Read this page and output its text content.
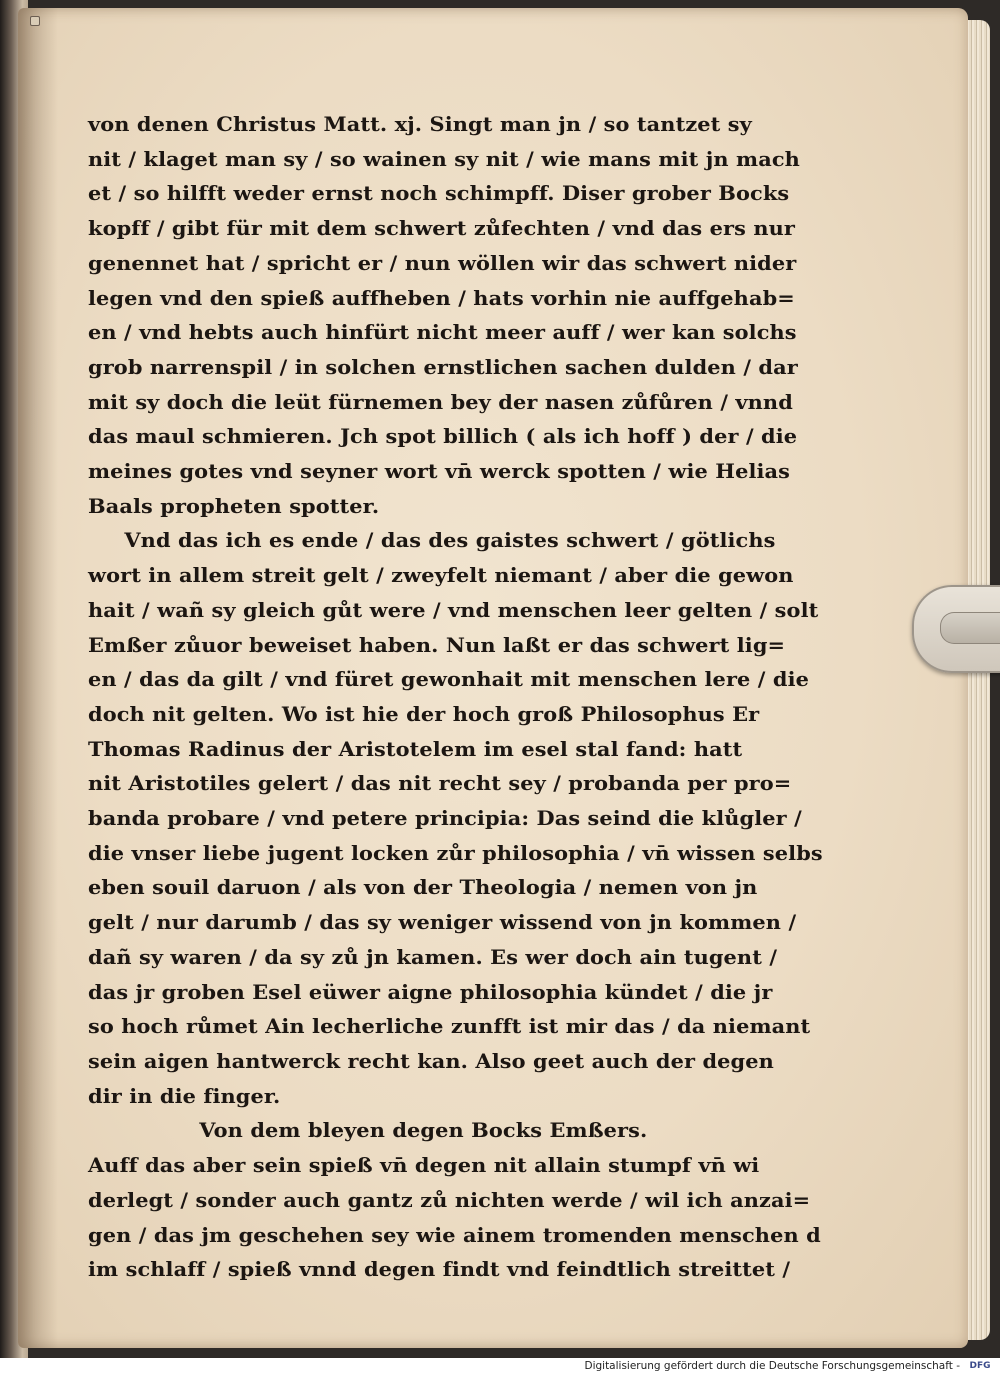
von denen Christus Matt. xj. Singt man jn / so tantzet sy
nit / klaget man sy / so wainen sy nit / wie mans mit jn mach
et / so hilfft weder ernst noch schimpff. Diser grober Bocks
kopff / gibt für mit dem schwert zůfechten / vnd das ers nur
genennet hat / spricht er / nun wöllen wir das schwert nider
legen vnd den spieß auffheben / hats vorhin nie auffgehab=
en / vnd hebts auch hinfürt nicht meer auff / wer kan solchs
grob narrenspil / in solchen ernstlichen sachen dulden / dar
mit sy doch die leüt fürnemen bey der nasen zůfůren / vnnd
das maul schmieren. Jch spot billich ( als ich hoff ) der / die
meines gotes vnd seyner wort vn̄ werck spotten / wie Helias
Baals propheten spotter.
Vnd das ich es ende / das des gaistes schwert / götlichs
wort in allem streit gelt / zweyfelt niemant / aber die gewon
hait / wañ sy gleich gůt were / vnd menschen leer gelten / solt
Emßer zůuor beweiset haben. Nun laßt er das schwert lig=
en / das da gilt / vnd füret gewonhait mit menschen lere / die
doch nit gelten. Wo ist hie der hoch groß Philosophus Er
Thomas Radinus der Aristotelem im esel stal fand: hatt
nit Aristotiles gelert / das nit recht sey / probanda per pro=
banda probare / vnd petere principia: Das seind die klůgler /
die vnser liebe jugent locken zůr philosophia / vn̄ wissen selbs
eben souil daruon / als von der Theologia / nemen von jn
gelt / nur darumb / das sy weniger wissend von jn kommen /
dañ sy waren / da sy zů jn kamen. Es wer doch ain tugent /
das jr groben Esel eüwer aigne philosophia kündet / die jr
so hoch růmet Ain lecherliche zunfft ist mir das / da niemant
sein aigen hantwerck recht kan. Also geet auch der degen
dir in die finger.
Von dem bleyen degen Bocks Emßers.
Auff das aber sein spieß vn̄ degen nit allain stumpf vn̄ wi
derlegt / sonder auch gantz zů nichten werde / wil ich anzai=
gen / das jm geschehen sey wie ainem tromenden menschen d
im schlaff / spieß vnnd degen findt vnd feindtlich streittet /
Digitalisierung gefördert durch die Deutsche Forschungsgemeinschaft -	DFG
